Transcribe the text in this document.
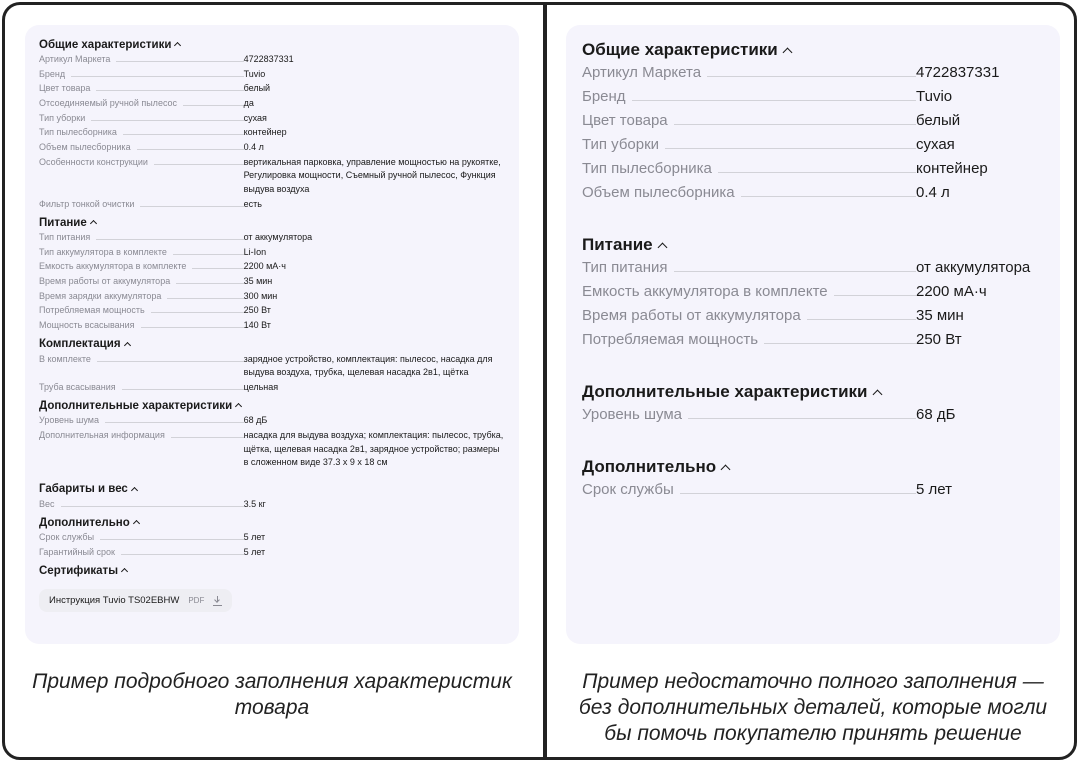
Общие характеристики
Артикул Маркета	4722837331
Бренд	Tuvio
Цвет товара	белый
Отсоединяемый ручной пылесос	да
Тип уборки	сухая
Тип пылесборника	контейнер
Объем пылесборника	0.4 л
Особенности конструкции	вертикальная парковка, управление мощностью на рукоятке, Регулировка мощности, Съемный ручной пылесос, Функция выдува воздуха
Фильтр тонкой очистки	есть
Питание
Тип питания	от аккумулятора
Тип аккумулятора в комплекте	Li-Ion
Емкость аккумулятора в комплекте	2200 мА·ч
Время работы от аккумулятора	35 мин
Время зарядки аккумулятора	300 мин
Потребляемая мощность	250 Вт
Мощность всасывания	140 Вт
Комплектация
В комплекте	зарядное устройство, комплектация: пылесос, насадка для выдува воздуха, трубка, щелевая насадка 2в1, щётка
Труба всасывания	цельная
Дополнительные характеристики
Уровень шума	68 дБ
Дополнительная информация	насадка для выдува воздуха; комплектация: пылесос, трубка, щётка, щелевая насадка 2в1, зарядное устройство; размеры в сложенном виде 37.3 x 9 x 18 см
Габариты и вес
Вес	3.5 кг
Дополнительно
Срок службы	5 лет
Гарантийный срок	5 лет
Сертификаты
Инструкция Tuvio TS02EBHW PDF
Общие характеристики
Артикул Маркета	4722837331
Бренд	Tuvio
Цвет товара	белый
Тип уборки	сухая
Тип пылесборника	контейнер
Объем пылесборника	0.4 л
Питание
Тип питания	от аккумулятора
Емкость аккумулятора в комплекте	2200 мА·ч
Время работы от аккумулятора	35 мин
Потребляемая мощность	250 Вт
Дополнительные характеристики
Уровень шума	68 дБ
Дополнительно
Срок службы	5 лет
Пример подробного заполнения характеристик товара
Пример недостаточно полного заполнения — без дополнительных деталей, которые могли бы помочь покупателю принять решение
